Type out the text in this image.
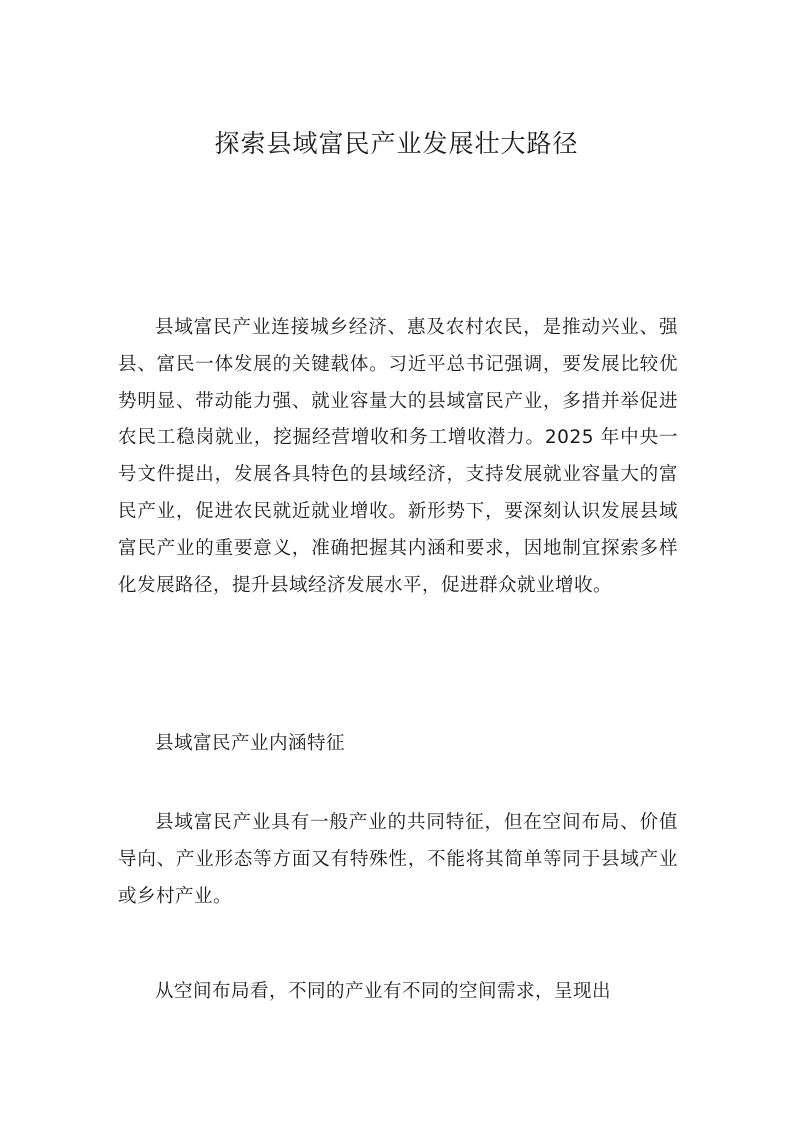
探索县域富民产业发展壮大路径

县域富民产业连接城乡经济、惠及农村农民，是推动兴业、强县、富民一体发展的关键载体。习近平总书记强调，要发展比较优势明显、带动能力强、就业容量大的县域富民产业，多措并举促进农民工稳岗就业，挖掘经营增收和务工增收潜力。2025 年中央一号文件提出，发展各具特色的县域经济，支持发展就业容量大的富民产业，促进农民就近就业增收。新形势下，要深刻认识发展县域富民产业的重要意义，准确把握其内涵和要求，因地制宜探索多样化发展路径，提升县域经济发展水平，促进群众就业增收。

县域富民产业内涵特征

县域富民产业具有一般产业的共同特征，但在空间布局、价值导向、产业形态等方面又有特殊性，不能将其简单等同于县域产业或乡村产业。

从空间布局看，不同的产业有不同的空间需求，呈现出
